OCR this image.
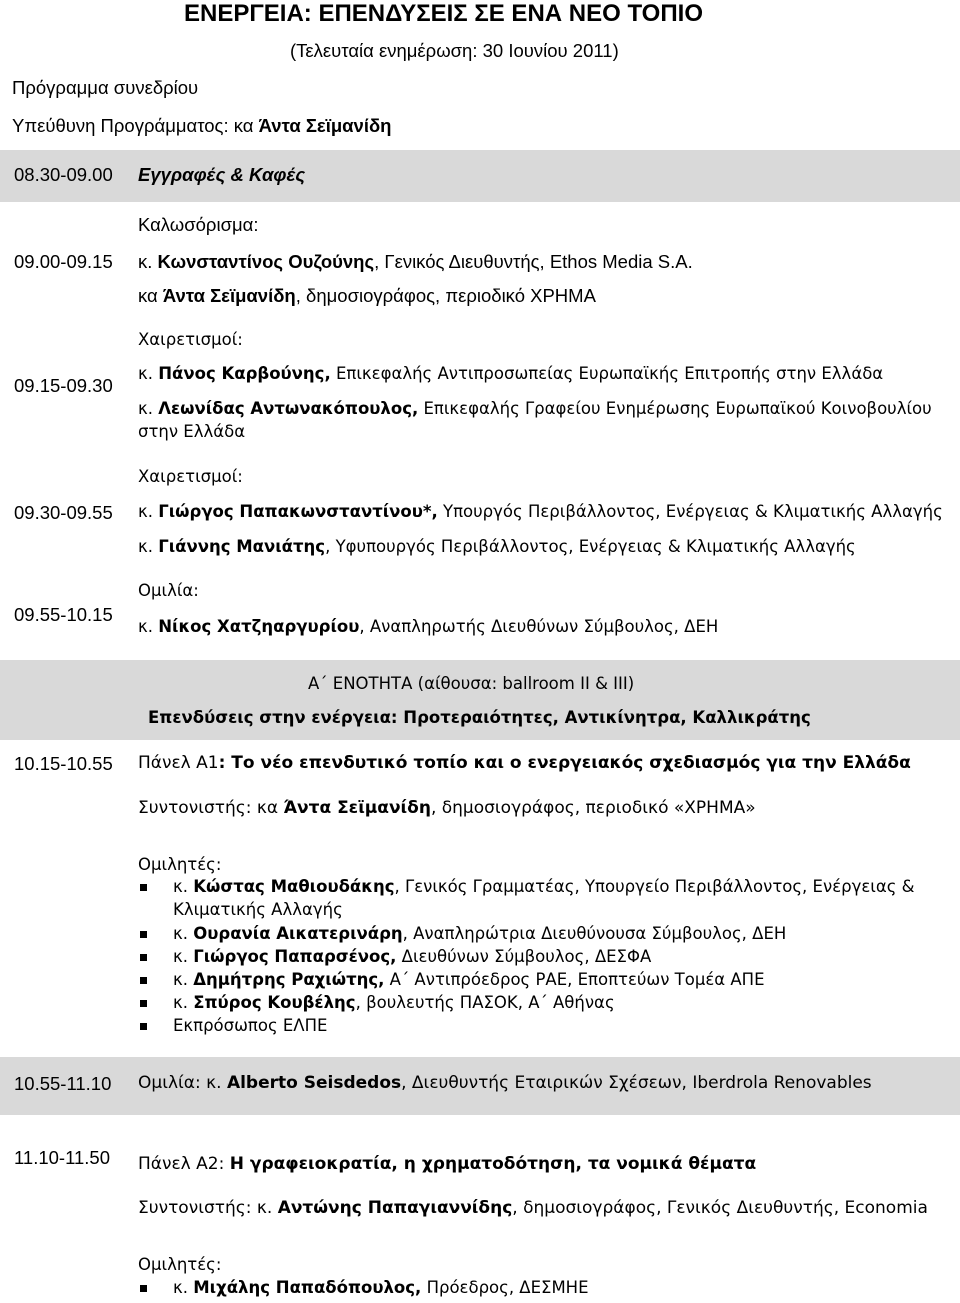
ΕΝΕΡΓΕΙΑ: ΕΠΕΝΔΥΣΕΙΣ ΣΕ ΕΝΑ ΝΕΟ ΤΟΠΙΟ
(Τελευταία ενημέρωση: 30 Ιουνίου 2011)
Πρόγραμμα συνεδρίου
Υπεύθυνη Προγράμματος: κα Άντα Σεϊμανίδη
08.30-09.00 Εγγραφές & Καφές
09.00-09.15
Καλωσόρισμα:
κ. Κωνσταντίνος Ουζούνης, Γενικός Διευθυντής, Ethos Media S.A.
κα Άντα Σεϊμανίδη, δημοσιογράφος, περιοδικό ΧΡΗΜΑ
09.15-09.30
Χαιρετισμοί:
κ. Πάνος Καρβούνης, Επικεφαλής Αντιπροσωπείας Ευρωπαϊκής Επιτροπής στην Ελλάδα
κ. Λεωνίδας Αντωνακόπουλος, Επικεφαλής Γραφείου Ενημέρωσης Ευρωπαϊκού Κοινοβουλίου
στην Ελλάδα
09.30-09.55
Χαιρετισμοί:
κ. Γιώργος Παπακωνσταντίνου*, Υπουργός Περιβάλλοντος, Ενέργειας & Κλιματικής Αλλαγής
κ. Γιάννης Μανιάτης, Υφυπουργός Περιβάλλοντος, Ενέργειας & Κλιματικής Αλλαγής
09.55-10.15
Ομιλία:
κ. Νίκος Χατζηαργυρίου, Αναπληρωτής Διευθύνων Σύμβουλος, ΔΕΗ
Α΄ ΕΝΟΤΗΤΑ (αίθουσα: ballroom II & III)
Επενδύσεις στην ενέργεια: Προτεραιότητες, Αντικίνητρα, Καλλικράτης
10.15-10.55 Πάνελ Α1: Το νέο επενδυτικό τοπίο και ο ενεργειακός σχεδιασμός για την Ελλάδα
Συντονιστής: κα Άντα Σεϊμανίδη, δημοσιογράφος, περιοδικό «ΧΡΗΜΑ»
Ομιλητές:
κ. Κώστας Μαθιουδάκης, Γενικός Γραμματέας, Υπουργείο Περιβάλλοντος, Ενέργειας &
Κλιματικής Αλλαγής
κ. Ουρανία Αικατερινάρη, Αναπληρώτρια Διευθύνουσα Σύμβουλος, ΔΕΗ
κ. Γιώργος Παπαρσένος, Διευθύνων Σύμβουλος, ΔΕΣΦΑ
κ. Δημήτρης Ραχιώτης, Α΄ Αντιπρόεδρος ΡΑΕ, Εποπτεύων Τομέα ΑΠΕ
κ. Σπύρος Κουβέλης, βουλευτής ΠΑΣΟΚ, Α΄ Αθήνας
Εκπρόσωπος ΕΛΠΕ
10.55-11.10 Ομιλία: κ. Alberto Seisdedos, Διευθυντής Εταιρικών Σχέσεων, Iberdrola Renovables
11.10-11.50 Πάνελ Α2: Η γραφειοκρατία, η χρηματοδότηση, τα νομικά θέματα
Συντονιστής: κ. Αντώνης Παπαγιαννίδης, δημοσιογράφος, Γενικός Διευθυντής, Economia
Ομιλητές:
κ. Μιχάλης Παπαδόπουλος, Πρόεδρος, ΔΕΣΜΗΕ
